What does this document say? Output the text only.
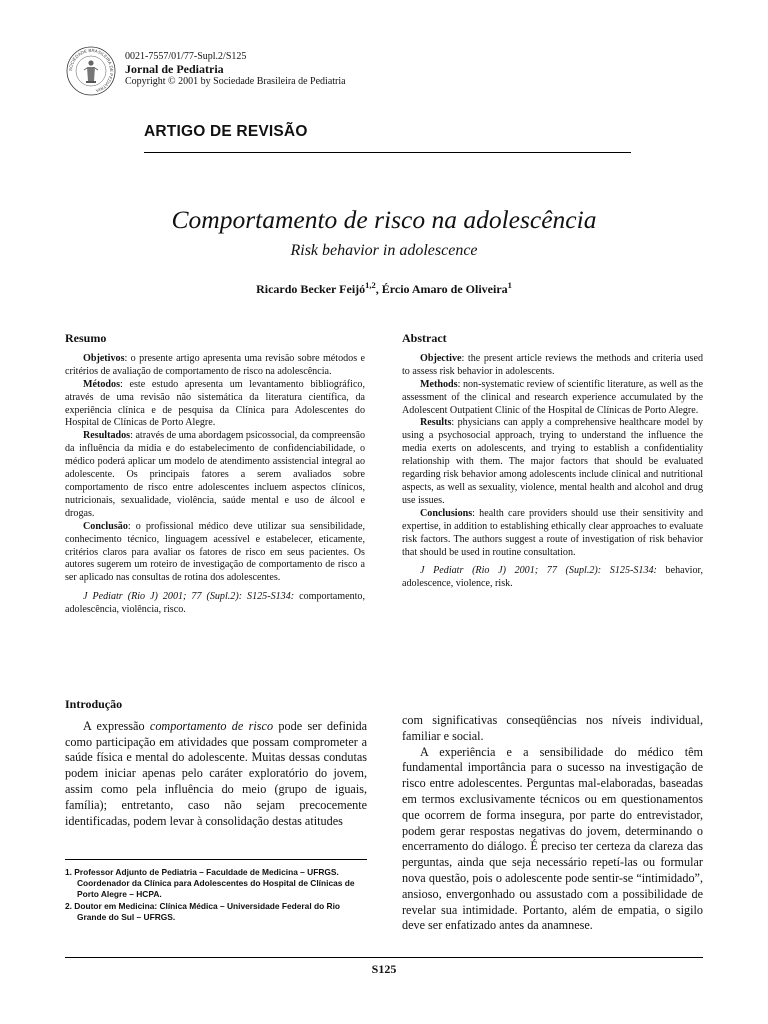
SOCIEDADE BRASILEIRA DE PEDIATRIA
0021-7557/01/77-Supl.2/S125
Jornal de Pediatria
Copyright © 2001 by Sociedade Brasileira de Pediatria
ARTIGO DE REVISÃO
Comportamento de risco na adolescência
Risk behavior in adolescence
Ricardo Becker Feijó$^{1,2}$, Ércio Amaro de Oliveira$^1$
Resumo

Objetivos: o presente artigo apresenta uma revisão sobre métodos e critérios de avaliação de comportamento de risco na adolescência.

Métodos: este estudo apresenta um levantamento bibliográfico, através de uma revisão não sistemática da literatura científica, da experiência clínica e de pesquisa da Clínica para Adolescentes do Hospital de Clínicas de Porto Alegre.

Resultados: através de uma abordagem psicossocial, da compreensão da influência da mídia e do estabelecimento de confidenciabilidade, o médico poderá aplicar um modelo de atendimento assistencial integral ao adolescente. Os principais fatores a serem avaliados sobre comportamento de risco entre adolescentes incluem aspectos clínicos, nutricionais, sexualidade, violência, saúde mental e uso de álcool e drogas.

Conclusão: o profissional médico deve utilizar sua sensibilidade, conhecimento técnico, linguagem acessível e estabelecer, eticamente, critérios claros para avaliar os fatores de risco em seus pacientes. Os autores sugerem um roteiro de investigação de comportamento de risco a ser aplicado nas consultas de rotina dos adolescentes.

J Pediatr (Rio J) 2001; 77 (Supl.2): S125-S134: comportamento, adolescência, violência, risco.

Abstract

Objective: the present article reviews the methods and criteria used to assess risk behavior in adolescents.

Methods: non-systematic review of scientific literature, as well as the assessment of the clinical and research experience accumulated by the Adolescent Outpatient Clinic of the Hospital de Clínicas de Porto Alegre.

Results: physicians can apply a comprehensive healthcare model by using a psychosocial approach, trying to understand the influence the media exerts on adolescents, and trying to establish a confidentiality relationship with them. The major factors that should be evaluated regarding risk behavior among adolescents include clinical and nutritional aspects, as well as sexuality, violence, mental health and alcohol and drug use issues.

Conclusions: health care providers should use their sensitivity and expertise, in addition to establishing ethically clear approaches to evaluate risk factors. The authors suggest a route of investigation of risk behavior that should be used in routine consultation.

J Pediatr (Rio J) 2001; 77 (Supl.2): S125-S134: behavior, adolescence, violence, risk.

Introdução

A expressão comportamento de risco pode ser definida como participação em atividades que possam comprometer a saúde física e mental do adolescente. Muitas dessas condutas podem iniciar apenas pelo caráter exploratório do jovem, assim como pela influência do meio (grupo de iguais, família); entretanto, caso não sejam precocemente identificadas, podem levar à consolidação destas atitudes

com significativas conseqüências nos níveis individual, familiar e social.

A experiência e a sensibilidade do médico têm fundamental importância para o sucesso na investigação de risco entre adolescentes. Perguntas mal-elaboradas, baseadas em termos exclusivamente técnicos ou em questionamentos que ocorrem de forma insegura, por parte do entrevistador, podem gerar respostas negativas do jovem, determinando o encerramento do diálogo. É preciso ter certeza da clareza das perguntas, ainda que seja necessário repetí-las ou formular nova questão, pois o adolescente pode sentir-se “intimidado”, ansioso, envergonhado ou assustado com a possibilidade de revelar sua intimidade. Portanto, além de empatia, o sigilo deve ser enfatizado antes da anamnese.

1. Professor Adjunto de Pediatria – Faculdade de Medicina – UFRGS. Coordenador da Clínica para Adolescentes do Hospital de Clínicas de Porto Alegre – HCPA.
2. Doutor em Medicina: Clínica Médica – Universidade Federal do Rio Grande do Sul – UFRGS.
S125
